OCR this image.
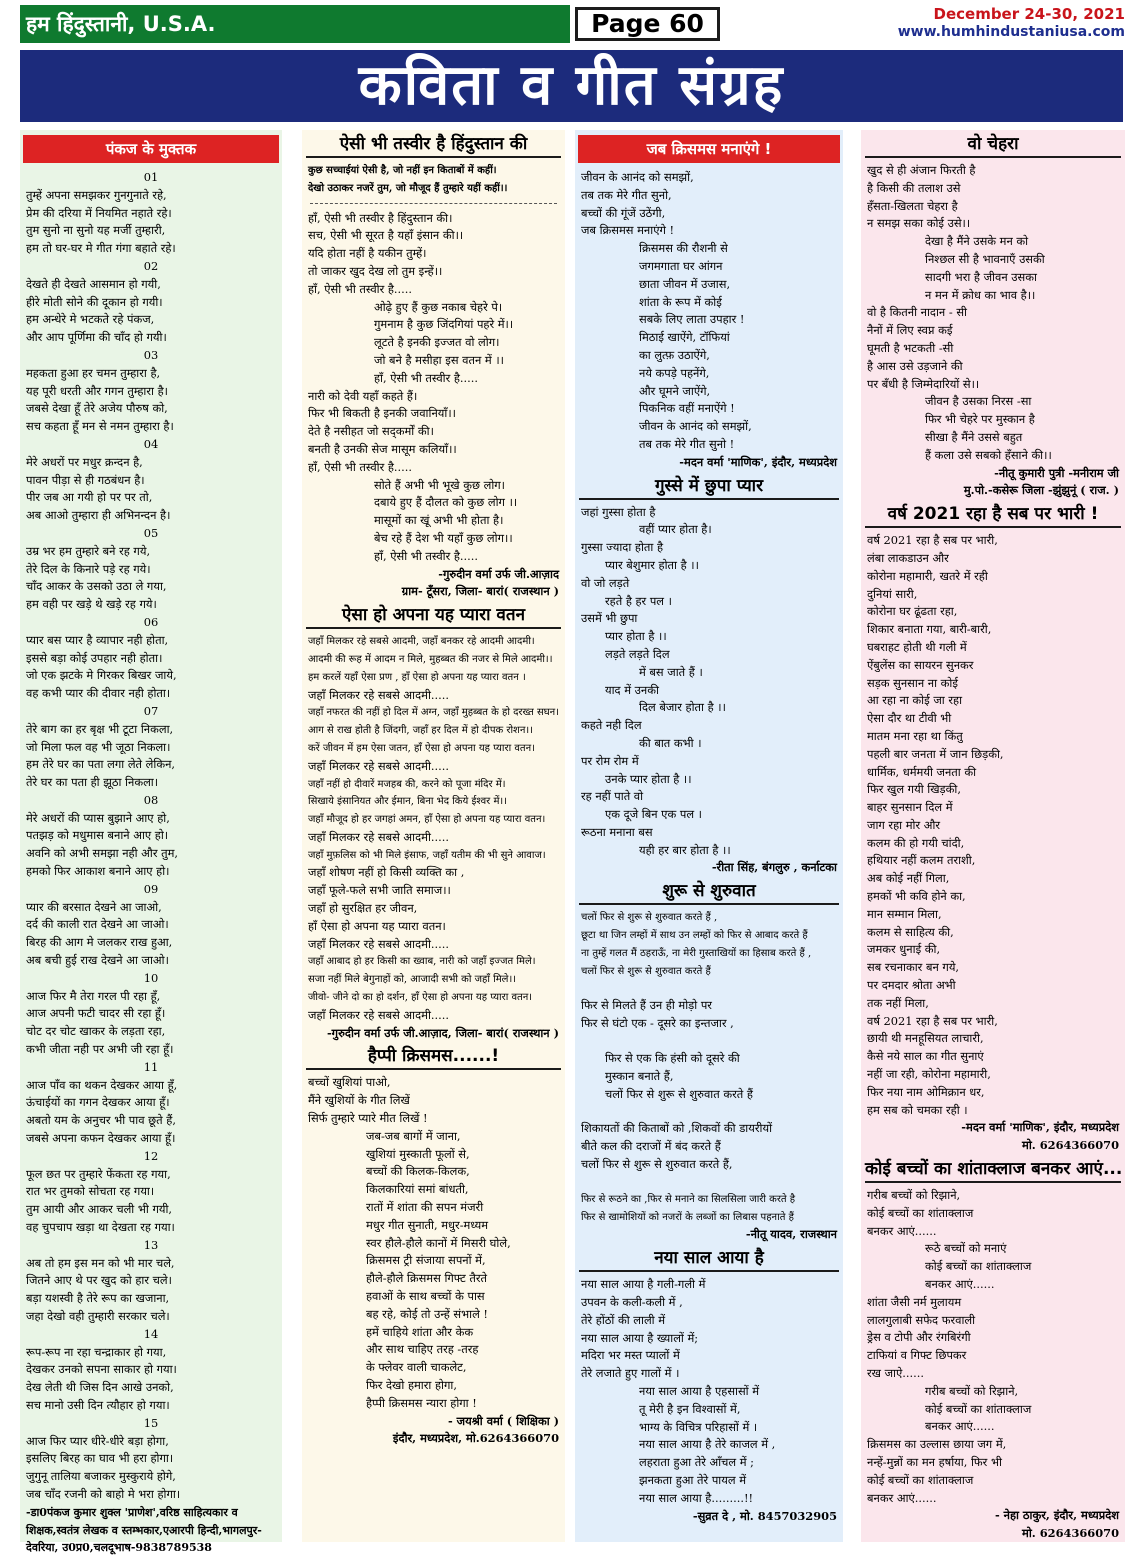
हम हिंदुस्तानी, U.S.A.	Page 60	December 24-30, 2021
www.humhindustaniusa.com
कविता व गीत संग्रह
पंकज के मुक्तक
01
तुम्हें अपना समझकर गुनगुनाते रहे,
प्रेम की दरिया में नियमित नहाते रहे।
तुम सुनो ना सुनो यह मर्जी तुम्हारी,
हम तो घर-घर मे गीत गंगा बहाते रहे।
02
देखते ही देखते आसमान हो गयी,
हीरे मोती सोने की दूकान हो गयी।
हम अन्धेरे मे भटकते रहे पंकज,
और आप पूर्णिमा की चाँद हो गयी।
03
महकता हुआ हर चमन तुम्हारा है,
यह पूरी धरती और गगन तुम्हारा है।
जबसे देखा हूँ तेरे अजेय पौरुष को,
सच कहता हूँ मन से नमन तुम्हारा है।
04
मेरे अधरों पर मधुर क्रन्दन है,
पावन पीड़ा से ही गठबंधन है।
पीर जब आ गयी हो पर पर तो,
अब आओ तुम्हारा ही अभिनन्दन है।
05
उम्र भर हम तुम्हारे बने रह गये,
तेरे दिल के किनारे पड़े रह गये।
चाँद आकर के उसको उठा ले गया,
हम वही पर खड़े थे खड़े रह गये।
06
प्यार बस प्यार है व्यापार नही होता,
इससे बड़ा कोई उपहार नही होता।
जो एक झटके मे गिरकर बिखर जाये,
वह कभी प्यार की दीवार नही होता।
07
तेरे बाग का हर बृक्ष भी टूटा निकला,
जो मिला फल वह भी जूठा निकला।
हम तेरे घर का पता लगा लेते लेकिन,
तेरे घर का पता ही झूठा निकला।
08
मेरे अधरों की प्यास बुझाने आए हो,
पतझड़ को मधुमास बनाने आए हो।
अवनि को अभी समझा नही और तुम,
हमको फिर आकाश बनाने आए हो।
09
प्यार की बरसात देखने आ जाओ,
दर्द की काली रात देखने आ जाओ।
बिरह की आग मे जलकर राख हुआ,
अब बची हुई राख देखने आ जाओ।
10
आज फिर मै तेरा गरल पी रहा हूँ,
आज अपनी फटी चादर सी रहा हूँ।
चोट दर चोट खाकर के लड़ता रहा,
कभी जीता नही पर अभी जी रहा हूँ।
11
आज पाँव का थकन देखकर आया हूँ,
ऊंचाईयों का गगन देखकर आया हूँ।
अबतो यम के अनुचर भी पाव छूते हैं,
जबसे अपना कफन देखकर आया हूँ।
12
फूल छत पर तुम्हारे फेंकता रह गया,
रात भर तुमको सोचता रह गया।
तुम आयी और आकर चली भी गयी,
वह चुपचाप खड़ा था देखता रह गया।
13
अब तो हम इस मन को भी मार चले,
जितने आए थे पर खुद को हार चले।
बड़ा यशस्वी है तेरे रूप का खजाना,
जहा देखो वही तुम्हारी सरकार चले।
14
रूप-रूप ना रहा चन्द्राकार हो गया,
देखकर उनको सपना साकार हो गया।
देख लेती थी जिस दिन आखे उनको,
सच मानो उसी दिन त्यौहार हो गया।
15
आज फिर प्यार धीरे-धीरे बड़ा होगा,
इसलिए बिरह का घाव भी हरा होगा।
जुगुनू तालिया बजाकर मुस्कुराये होगे,
जब चाँद रजनी को बाहो मे भरा होगा।
-डा0पंकज कुमार शुक्ल 'प्राणेश',वरिष्ठ साहित्यकार व
शिक्षक,स्वतंत्र लेखक व स्तम्भकार,एआरपी हिन्दी,भागलपुर-
देवरिया, उ0प्र0,चलदूभाष-9838789538
ऐसी भी तस्वीर है हिंदुस्तान की
कुछ सच्चाईयां ऐसी है, जो नहीं इन किताबों में कहीं।
देखो उठाकर नजरें तुम, जो मौजूद हैं तुम्हारे यहीं कहीं।।
हाँ, ऐसी भी तस्वीर है हिंदुस्तान की।
सच, ऐसी भी सूरत है यहाँ इंसान की।।
यदि होता नहीं है यकीन तुम्हें।
तो जाकर खुद देख लो तुम इन्हें।।
हाँ, ऐसी भी तस्वीर है.....
ओढ़े हुए हैं कुछ नकाब चेहरे पे।
गुमनाम है कुछ जिंदगियां पहरे में।।
लूटते है इनकी इज्जत वो लोग।
जो बने है मसीहा इस वतन में ।।
हाँ, ऐसी भी तस्वीर है.....
नारी को देवी यहाँ कहते हैं।
फिर भी बिकती है इनकी जवानियाँ।।
देते है नसीहत जो सद्कर्मों की।
बनती है उनकी सेज मासूम कलियाँ।।
हाँ, ऐसी भी तस्वीर है.....
सोते हैं अभी भी भूखे कुछ लोग।
दबाये हुए हैं दौलत को कुछ लोग ।।
मासूमों का खूं अभी भी होता है।
बेच रहे हैं देश भी यहाँ कुछ लोग।।
हाँ, ऐसी भी तस्वीर है.....
-गुरुदीन वर्मा उर्फ जी.आज़ाद
ग्राम- टूँसरा, जिला- बारां( राजस्थान )
ऐसा हो अपना यह प्यारा वतन
जहाँ मिलकर रहे सबसे आदमी, जहाँ बनकर रहे आदमी आदमी।
आदमी की रूह में आदम न मिले, मुहब्बत की नजर से मिले आदमी।।
हम करलें यहाँ ऐसा प्रण , हाँ ऐसा हो अपना यह प्यारा वतन ।
जहाँ मिलकर रहे सबसे आदमी.....
जहाँ नफरत की नहीं हो दिल में अग्न, जहाँ मुहब्बत के हो दरख्त सघन।
आग से राख होती है जिंदगी, जहाँ हर दिल में हो दीपक रोशन।।
करें जीवन में हम ऐसा जतन, हाँ ऐसा हो अपना यह प्यारा वतन।
जहाँ मिलकर रहे सबसे आदमी.....
जहाँ नहीं हो दीवारें मजहब की, करने को पूजा मंदिर में।
सिखाये इंसानियत और ईमान, बिना भेद किये ईश्वर में।।
जहाँ मौजूद हो हर जगहां अमन, हाँ ऐसा हो अपना यह प्यारा वतन।
जहाँ मिलकर रहे सबसे आदमी.....
जहाँ मुफ़लिस को भी मिले इंसाफ, जहाँ यतीम की भी सुने आवाज।
जहाँ शोषण नहीं हो किसी व्यक्ति का ,
जहाँ फूले-फले सभी जाति समाज।।
जहाँ हो सुरक्षित हर जीवन,
हाँ ऐसा हो अपना यह प्यारा वतन।
जहाँ मिलकर रहे सबसे आदमी.....
जहाँ आबाद हो हर किसी का ख्वाब, नारी को जहाँ इज्जत मिले।
सजा नहीं मिले बेगुनाहों को, आजादी सभी को जहाँ मिले।।
जीवो- जीने दो का हो दर्शन, हाँ ऐसा हो अपना यह प्यारा वतन।
जहाँ मिलकर रहे सबसे आदमी.....
-गुरुदीन वर्मा उर्फ जी.आज़ाद, जिला- बारां( राजस्थान )
हैप्पी क्रिसमस......!
बच्चों खुशियां पाओ,
मैंने खुशियों के गीत लिखें
सिर्फ तुम्हारे प्यारे मीत लिखें !
जब-जब बागों में जाना,
खुशियां मुस्काती फूलों से,
बच्चों की किलक-किलक,
किलकारियां समां बांधती,
रातों में शांता की सपन मंजरी
मधुर गीत सुनाती, मधुर-मध्यम
स्वर हौले-हौले कानों में मिसरी घोले,
क्रिसमस ट्री संजाया सपनों में,
हौले-हौले क्रिसमस गिफ्ट तैरते
हवाओं के साथ बच्चों के पास
बह रहे, कोई तो उन्हें संभाले !
हमें चाहिये शांता और केक
और साथ चाहिए तरह -तरह
के फ्लेवर वाली चाकलेट,
फिर देखो हमारा होगा,
हैप्पी क्रिसमस न्यारा होगा !
- जयश्री वर्मा ( शिक्षिका )
इंदौर, मध्यप्रदेश, मो.6264366070
जब क्रिसमस मनाएंगे !
जीवन के आनंद को समझों,
तब तक मेरे गीत सुनो,
बच्चों की गूंजें उठेंगी,
जब क्रिसमस मनाएंगे !
क्रिसमस की रौशनी से
जगमगाता घर आंगन
छाता जीवन में उजास,
शांता के रूप में कोई
सबके लिए लाता उपहार !
मिठाई खाऐंगे, टॉफियां
का लुत्फ़ उठाऐंगे,
नये कपड़े पहनेंगे,
और घूमने जाऐंगे,
पिकनिक वहीं मनाऐंगे !
जीवन के आनंद को समझों,
तब तक मेरे गीत सुनो !
-मदन वर्मा 'माणिक', इंदौर, मध्यप्रदेश
गुस्से में छुपा प्यार
जहां गुस्सा होता है
वहीं प्यार होता है।
गुस्सा ज्यादा होता है
प्यार बेशुमार होता है ।।
वो जो लड़ते
रहते है हर पल ।
उसमें भी छुपा
प्यार होता है ।।
लड़ते लड़ते दिल
में बस जाते हैं ।
याद में उनकी
दिल बेजार होता है ।।
कहते नही दिल
की बात कभी ।
पर रोम रोम में
उनके प्यार होता है ।।
रह नहीं पाते वो
एक दूजे बिन एक पल ।
रूठना मनाना बस
यही हर बार होता है ।।
-रीता सिंह, बंगलुरु , कर्नाटका
शुरू से शुरुवात
चलों फिर से शुरू से शुरुवात करते हैं ,
छूटा था जिन लम्हों में साथ उन लम्हों को फिर से आबाद करते हैं
ना तुम्हें गलत मैं ठहराऊँ, ना मेरी गुस्ताखियों का हिसाब करते हैं ,
चलों फिर से शुरू से शुरुवात करते हैं
फिर से मिलते हैं उन ही मोड़ो पर
फिर से घंटो एक - दूसरे का इन्तजार ,
फिर से एक कि हंसी को दूसरे की
मुस्कान बनाते हैं,
चलों फिर से शुरू से शुरुवात करते हैं
शिकायतों की किताबों को ,शिकवों की डायरीयों
बीते कल की दराजों में बंद करते हैं
चलों फिर से शुरू से शुरुवात करते हैं,
फिर से रूठने का ,फिर से मनाने का सिलसिला जारी करते है
फिर से खामोशियों को नजरों के लब्जों का लिबास पहनाते हैं
-नीतू यादव, राजस्थान
नया साल आया है
नया साल आया है गली-गली में
उपवन के कली-कली में ,
तेरे होंठों की लाली में
नया साल आया है ख्यालों में;
मदिरा भर मस्त प्यालों में
तेरे लजाते हुए गालों में ।
नया साल आया है एहसासों में
तू मेरी है इन विश्वासों में,
भाग्य के विचित्र परिहासों में ।
नया साल आया है तेरे काजल में ,
लहराता हुआ तेरे आँचल में ;
झनकता हुआ तेरे पायल में
नया साल आया है.........!!
-सुव्रत दे , मो. 8457032905
वो चेहरा
खुद से ही अंजान फिरती है
है किसी की तलाश उसे
हँसता-खिलता चेहरा है
न समझ सका कोई उसे।।
देखा है मैंने उसके मन को
निश्छल सी है भावनाएँ उसकी
सादगी भरा है जीवन उसका
न मन में क्रोध का भाव है।।
वो है कितनी नादान - सी
नैनों में लिए स्वप्न कई
घूमती है भटकती -सी
है आस उसे उड़जाने की
पर बँधी है जिम्मेदारियों से।।
जीवन है उसका निरस -सा
फिर भी चेहरे पर मुस्कान है
सीखा है मैंने उससे बहुत
हैं कला उसे सबको हँसाने की।।
-नीतू कुमारी पुत्री -मनीराम जी
मु.पो.-कसेरू जिला -झुंझुनूं ( राज. )
वर्ष 2021 रहा है सब पर भारी !
वर्ष 2021 रहा है सब पर भारी,
लंबा लाकडाउन और
कोरोना महामारी, खतरे में रही
दुनियां सारी,
कोरोना घर ढूंढता रहा,
शिकार बनाता गया, बारी-बारी,
घबराहट होती थी गली में
ऐंबुलेंस का सायरन सुनकर
सड़क सुनसान ना कोई
आ रहा ना कोई जा रहा
ऐसा दौर था टीवी भी
मातम मना रहा था किंतु
पहली बार जनता में जान छिड़की,
धार्मिक, धर्ममयी जनता की
फिर खुल गयी खिड़की,
बाहर सुनसान दिल में
जाग रहा मोर और
कलम की हो गयी चांदी,
हथियार नहीं कलम तराशी,
अब कोई नहीं गिला,
हमकों भी कवि होने का,
मान सम्मान मिला,
कलम से साहित्य की,
जमकर धुनाई की,
सब रचनाकार बन गये,
पर दमदार श्रोता अभी
तक नहीं मिला,
वर्ष 2021 रहा है सब पर भारी,
छायी थी मनहूसियत लाचारी,
कैसे नये साल का गीत सुनाएं
नहीं जा रही, कोरोना महामारी,
फिर नया नाम ओमिक्रान धर,
हम सब को चमका रही ।
-मदन वर्मा 'माणिक', इंदौर, मध्यप्रदेश
मो. 6264366070
कोई बच्चों का शांताक्लाज बनकर आएं...
गरीब बच्चों को रिझाने,
कोई बच्चों का शांताक्लाज
बनकर आएं......
रूठे बच्चों को मनाएं
कोई बच्चों का शांताक्लाज
बनकर आएं......
शांता जैसी नर्म मुलायम
लालगुलाबी सफेद फरवाली
ड्रेस व टोपी और रंगबिरंगी
टाफियां व गिफ्ट छिपकर
रख जाऐ......
गरीब बच्चों को रिझाने,
कोई बच्चों का शांताक्लाज
बनकर आएं......
क्रिसमस का उल्लास छाया जग में,
नन्हें-मुन्नों का मन हर्षाया, फिर भी
कोई बच्चों का शांताक्लाज
बनकर आएं......
- नेहा ठाकुर, इंदौर, मध्यप्रदेश
मो. 6264366070
